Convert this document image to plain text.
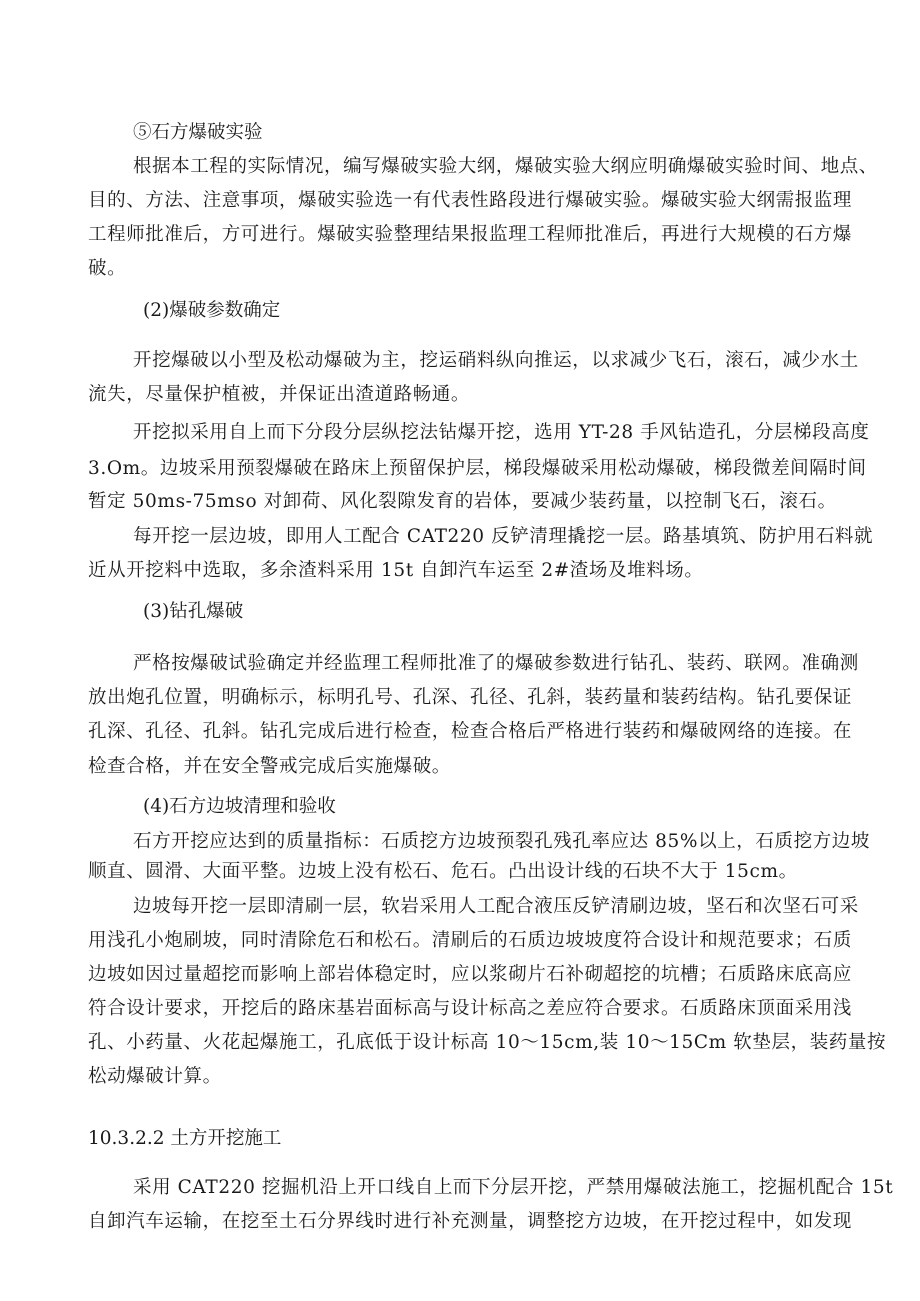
⑤石方爆破实验
根据本工程的实际情况，编写爆破实验大纲，爆破实验大纲应明确爆破实验时间、地点、
目的、方法、注意事项，爆破实验选一有代表性路段进行爆破实验。爆破实验大纲需报监理
工程师批准后，方可进行。爆破实验整理结果报监理工程师批准后，再进行大规模的石方爆
破。
(2)爆破参数确定
开挖爆破以小型及松动爆破为主，挖运硝料纵向推运，以求减少飞石，滚石，减少水土
流失，尽量保护植被，并保证出渣道路畅通。
开挖拟采用自上而下分段分层纵挖法钻爆开挖，选用 YT-28 手风钻造孔，分层梯段高度
3.Om。边坡采用预裂爆破在路床上预留保护层，梯段爆破采用松动爆破，梯段微差间隔时间
暂定 50ms-75mso 对卸荷、风化裂隙发育的岩体，要减少装药量，以控制飞石，滚石。
每开挖一层边坡，即用人工配合 CAT220 反铲清理撬挖一层。路基填筑、防护用石料就
近从开挖料中选取，多余渣料采用 15t 自卸汽车运至 2#渣场及堆料场。
(3)钻孔爆破
严格按爆破试验确定并经监理工程师批准了的爆破参数进行钻孔、装药、联网。准确测
放出炮孔位置，明确标示，标明孔号、孔深、孔径、孔斜，装药量和装药结构。钻孔要保证
孔深、孔径、孔斜。钻孔完成后进行检查，检查合格后严格进行装药和爆破网络的连接。在
检查合格，并在安全警戒完成后实施爆破。
(4)石方边坡清理和验收
石方开挖应达到的质量指标：石质挖方边坡预裂孔残孔率应达 85%以上，石质挖方边坡
顺直、圆滑、大面平整。边坡上没有松石、危石。凸出设计线的石块不大于 15cm。
边坡每开挖一层即清刷一层，软岩采用人工配合液压反铲清刷边坡，坚石和次坚石可采
用浅孔小炮刷坡，同时清除危石和松石。清刷后的石质边坡坡度符合设计和规范要求；石质
边坡如因过量超挖而影响上部岩体稳定时，应以浆砌片石补砌超挖的坑槽；石质路床底高应
符合设计要求，开挖后的路床基岩面标高与设计标高之差应符合要求。石质路床顶面采用浅
孔、小药量、火花起爆施工，孔底低于设计标高 10～15cm,装 10～15Cm 软垫层，装药量按
松动爆破计算。
10.3.2.2 土方开挖施工
采用 CAT220 挖掘机沿上开口线自上而下分层开挖，严禁用爆破法施工，挖掘机配合 15t
自卸汽车运输，在挖至土石分界线时进行补充测量，调整挖方边坡，在开挖过程中，如发现
